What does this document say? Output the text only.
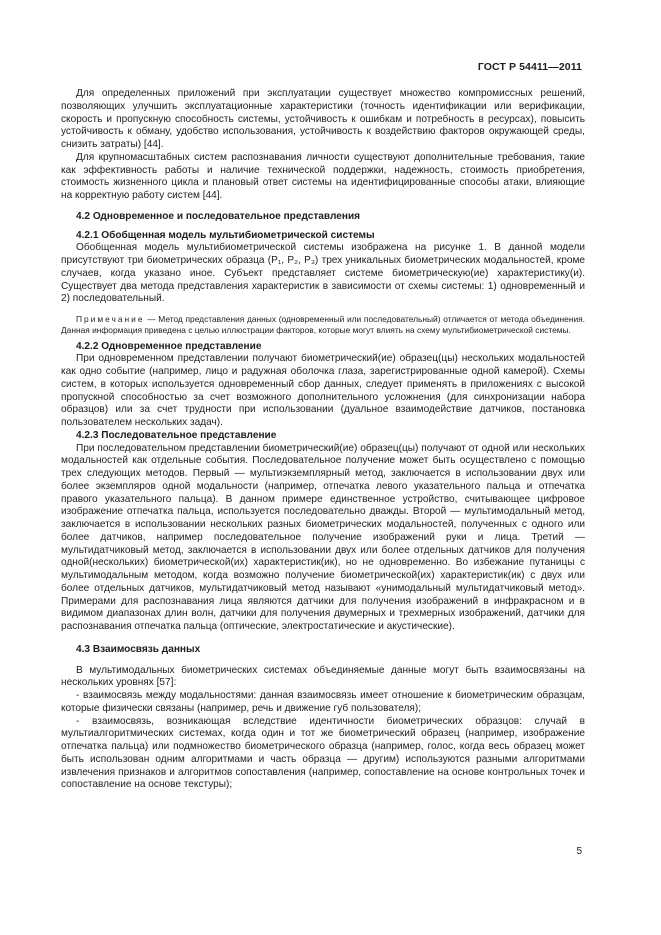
ГОСТ Р 54411—2011

Для определенных приложений при эксплуатации существует множество компромиссных решений, позволяющих улучшить эксплуатационные характеристики (точность идентификации или верификации, скорость и пропускную способность системы, устойчивость к ошибкам и потребность в ресурсах), повысить устойчивость к обману, удобство использования, устойчивость к воздействию факторов окружающей среды, снизить затраты) [44].

Для крупномасштабных систем распознавания личности существуют дополнительные требования, такие как эффективность работы и наличие технической поддержки, надежность, стоимость приобретения, стоимость жизненного цикла и плановый ответ системы на идентифицированные способы атаки, влияющие на корректную работу систем [44].

4.2 Одновременное и последовательное представления

4.2.1 Обобщенная модель мультибиометрической системы

Обобщенная модель мультибиометрической системы изображена на рисунке 1. В данной модели присутствуют три биометрических образца (P₁, P₂, P₃) трех уникальных биометрических модальностей, кроме случаев, когда указано иное. Субъект представляет системе биометрическую(ие) характеристику(и). Существует два метода представления характеристик в зависимости от схемы системы: 1) одновременный и 2) последовательный.

Примечание — Метод представления данных (одновременный или последовательный) отличается от метода объединения. Данная информация приведена с целью иллюстрации факторов, которые могут влиять на схему мультибиометрической системы.

4.2.2 Одновременное представление

При одновременном представлении получают биометрический(ие) образец(цы) нескольких модальностей как одно событие (например, лицо и радужная оболочка глаза, зарегистрированные одной камерой). Схемы систем, в которых используется одновременный сбор данных, следует применять в приложениях с высокой пропускной способностью за счет возможного дополнительного усложнения (для синхронизации набора образцов) или за счет трудности при использовании (дуальное взаимодействие датчиков, постановка пользователем нескольких задач).

4.2.3 Последовательное представление

При последовательном представлении биометрический(ие) образец(цы) получают от одной или нескольких модальностей как отдельные события. Последовательное получение может быть осуществлено с помощью трех следующих методов. Первый — мультиэкземплярный метод, заключается в использовании двух или более экземпляров одной модальности (например, отпечатка левого указательного пальца и отпечатка правого указательного пальца). В данном примере единственное устройство, считывающее цифровое изображение отпечатка пальца, используется последовательно дважды. Второй — мультимодальный метод, заключается в использовании нескольких разных биометрических модальностей, полученных с одного или более датчиков, например последовательное получение изображений руки и лица. Третий — мультидатчиковый метод, заключается в использовании двух или более отдельных датчиков для получения одной(нескольких) биометрической(их) характеристик(ик), но не одновременно. Во избежание путаницы с мультимодальным методом, когда возможно получение биометрической(их) характеристик(ик) с двух или более отдельных датчиков, мультидатчиковый метод называют «унимодальный мультидатчиковый метод». Примерами для распознавания лица являются датчики для получения изображений в инфракрасном и в видимом диапазонах длин волн, датчики для получения двумерных и трехмерных изображений, датчики для распознавания отпечатка пальца (оптические, электростатические и акустические).

4.3 Взаимосвязь данных

В мультимодальных биометрических системах объединяемые данные могут быть взаимосвязаны на нескольких уровнях [57]:

- взаимосвязь между модальностями: данная взаимосвязь имеет отношение к биометрическим образцам, которые физически связаны (например, речь и движение губ пользователя);

- взаимосвязь, возникающая вследствие идентичности биометрических образцов: случай в мультиалгоритмических системах, когда один и тот же биометрический образец (например, изображение отпечатка пальца) или подмножество биометрического образца (например, голос, когда весь образец может быть использован одним алгоритмами и часть образца — другим) используются разными алгоритмами извлечения признаков и алгоритмов сопоставления (например, сопоставление на основе контрольных точек и сопоставление на основе текстуры);

5
